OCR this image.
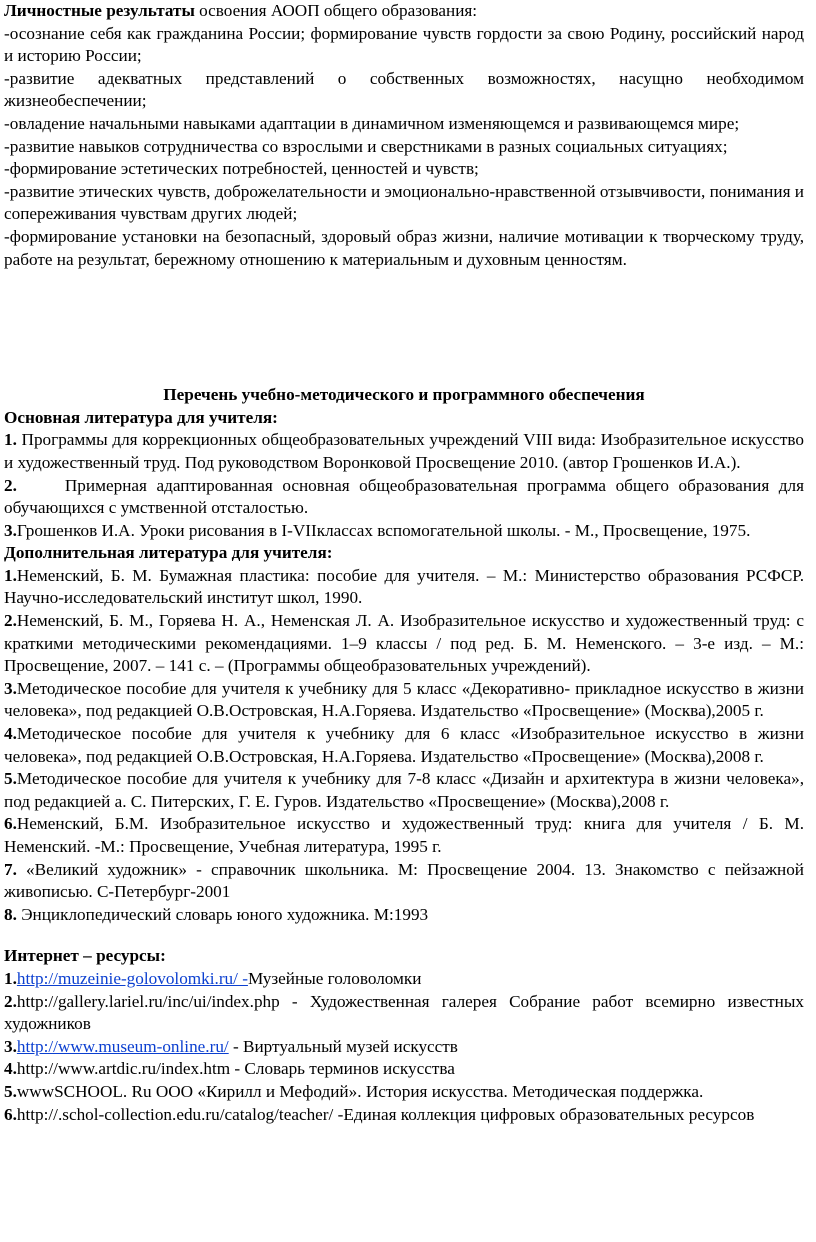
Личностные результаты освоения АООП общего образования:

-осознание себя как гражданина России; формирование чувств гордости за свою Родину, российский народ и историю России;

-развитие адекватных представлений о собственных возможностях, насущно необходимом жизнеобеспечении;

-овладение начальными навыками адаптации в динамичном изменяющемся и развивающемся мире;

-развитие навыков сотрудничества со взрослыми и сверстниками в разных социальных ситуациях;

-формирование эстетических потребностей, ценностей и чувств;

-развитие этических чувств, доброжелательности и эмоционально-нравственной отзывчивости, понимания и сопереживания чувствам других людей;

-формирование установки на безопасный, здоровый образ жизни, наличие мотивации к творческому труду, работе на результат, бережному отношению к материальным и духовным ценностям.

Перечень учебно-методического и программного обеспечения

Основная литература для учителя:

1. Программы для коррекционных общеобразовательных учреждений VIII вида: Изобразительное искусство и художественный труд. Под руководством Воронковой Просвещение 2010. (автор Грошенков И.А.).

2.	Примерная адаптированная основная общеобразовательная программа общего образования для обучающихся с умственной отсталостью.

3.Грошенков И.А. Уроки рисования в I-VIIклассах вспомогательной школы. - М., Просвещение, 1975.

Дополнительная литература для учителя:

1.Неменский, Б. М. Бумажная пластика: пособие для учителя. – М.: Министерство образования РСФСР. Научно-исследовательский институт школ, 1990.

2.Неменский, Б. М., Горяева Н. А., Неменская Л. А. Изобразительное искусство и художественный труд: с краткими методическими рекомендациями. 1–9 классы / под ред. Б. М. Неменского. – 3-е изд. – М.: Просвещение, 2007. – 141 с. – (Программы общеобразовательных учреждений).

3.Методическое пособие для учителя к учебнику для 5 класс «Декоративно- прикладное искусство в жизни человека», под редакцией О.В.Островская, Н.А.Горяева. Издательство «Просвещение» (Москва),2005 г.

4.Методическое пособие для учителя к учебнику для 6 класс «Изобразительное искусство в жизни человека», под редакцией О.В.Островская, Н.А.Горяева. Издательство «Просвещение» (Москва),2008 г.

5.Методическое пособие для учителя к учебнику для 7-8 класс «Дизайн и архитектура в жизни человека», под редакцией а. С. Питерских, Г. Е. Гуров. Издательство «Просвещение» (Москва),2008 г.

6.Неменский, Б.М. Изобразительное искусство и художественный труд: книга для учителя / Б. М. Неменский. -М.: Просвещение, Учебная литература, 1995 г.

7. «Великий художник» - справочник школьника. М: Просвещение 2004. 13. Знакомство с пейзажной живописью. С-Петербург-2001

8. Энциклопедический словарь юного художника. М:1993

Интернет – ресурсы:

1.http://muzeinie-golovolomki.ru/ -Музейные головоломки

2.http://gallery.lariel.ru/inc/ui/index.php - Художественная галерея Собрание работ всемирно известных художников

3.http://www.museum-online.ru/ - Виртуальный музей искусств

4.http://www.artdic.ru/index.htm - Словарь терминов искусства

5.wwwSCHOOL. Ru ООО «Кирилл и Мефодий». История искусства. Методическая поддержка.

6.http://.schol-collection.edu.ru/catalog/teacher/ -Единая коллекция цифровых образовательных ресурсов
